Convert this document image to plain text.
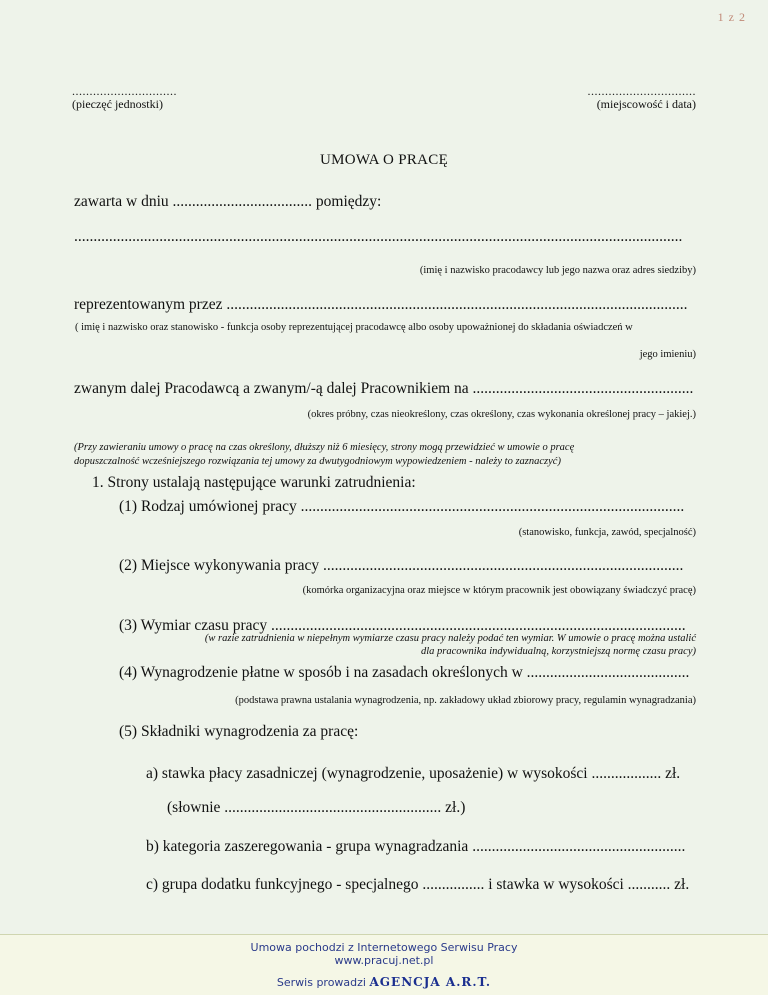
1 z 2
..............................
(pieczęć jednostki)
...............................
(miejscowość i data)
UMOWA O PRACĘ
zawarta w dniu .................................... pomiędzy:
.............................................................................................................................................................
(imię i nazwisko pracodawcy lub jego nazwa oraz adres siedziby)
reprezentowanym przez .......................................................................................................................
( imię i nazwisko oraz stanowisko - funkcja osoby reprezentującej pracodawcę albo osoby upoważnionej do składania oświadczeń w
jego imieniu)
zwanym dalej Pracodawcą a zwanym/-ą dalej Pracownikiem na .........................................................
(okres próbny, czas nieokreślony, czas określony, czas wykonania określonej pracy – jakiej.)
(Przy zawieraniu umowy o pracę na czas określony, dłuższy niż 6 miesięcy, strony mogą przewidzieć w umowie o pracę
dopuszczalność wcześniejszego rozwiązania tej umowy za dwutygodniowym wypowiedzeniem - należy to zaznaczyć)
1. Strony ustalają następujące warunki zatrudnienia:
(1) Rodzaj umówionej pracy ...................................................................................................
(stanowisko, funkcja, zawód, specjalność)
(2) Miejsce wykonywania pracy .............................................................................................
(komórka organizacyjna oraz miejsce w którym pracownik jest obowiązany świadczyć pracę)
(3) Wymiar czasu pracy ...........................................................................................................
(w razie zatrudnienia w niepełnym wymiarze czasu pracy należy podać ten wymiar. W umowie o pracę można ustalić
dla pracownika indywidualną, korzystniejszą normę czasu pracy)
(4) Wynagrodzenie płatne w sposób i na zasadach określonych w ..........................................
(podstawa prawna ustalania wynagrodzenia, np. zakładowy układ zbiorowy pracy, regulamin wynagradzania)
(5) Składniki wynagrodzenia za pracę:
a) stawka płacy zasadniczej (wynagrodzenie, uposażenie) w wysokości .................. zł.
(słownie ........................................................ zł.)
b) kategoria zaszeregowania - grupa wynagradzania .......................................................
c) grupa dodatku funkcyjnego - specjalnego ................ i stawka w wysokości ........... zł.
Umowa pochodzi z Internetowego Serwisu Pracy
www.pracuj.net.pl
Serwis prowadzi AGENCJA A.R.T.
